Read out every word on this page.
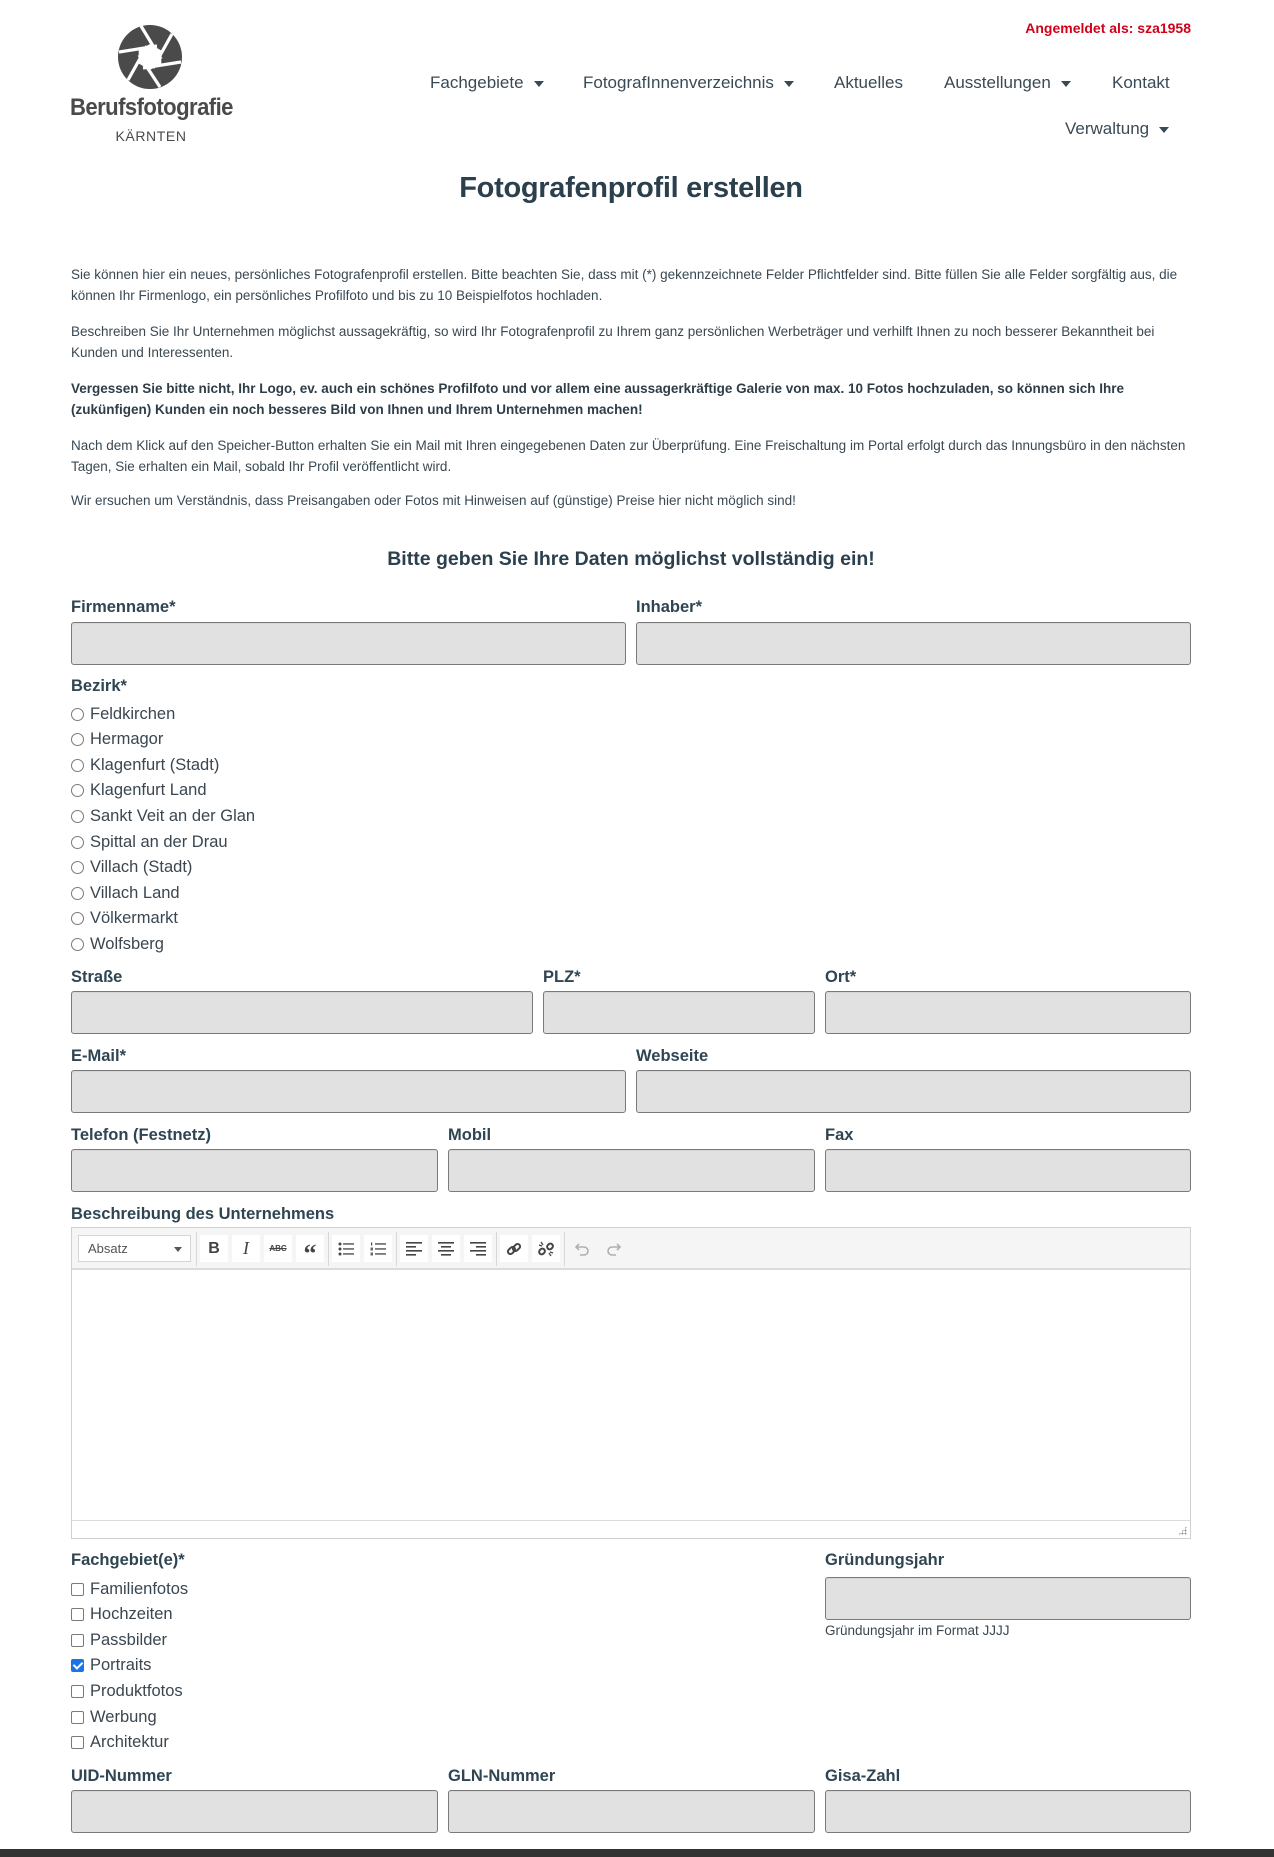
Angemeldet als: sza1958
Berufsfotografie
KÄRNTEN
Fachgebiete	FotografInnenverzeichnis	Aktuelles Ausstellungen	Kontakt
Verwaltung
Fotografenprofil erstellen

Sie können hier ein neues, persönliches Fotografenprofil erstellen. Bitte beachten Sie, dass mit (*) gekennzeichnete Felder Pflichtfelder sind. Bitte füllen Sie alle Felder sorgfältig aus, die können Ihr Firmenlogo, ein persönliches Profilfoto und bis zu 10 Beispielfotos hochladen.

Beschreiben Sie Ihr Unternehmen möglichst aussagekräftig, so wird Ihr Fotografenprofil zu Ihrem ganz persönlichen Werbeträger und verhilft Ihnen zu noch besserer Bekanntheit bei Kunden und Interessenten.

Vergessen Sie bitte nicht, Ihr Logo, ev. auch ein schönes Profilfoto und vor allem eine aussagerkräftige Galerie von max. 10 Fotos hochzuladen, so können sich Ihre (zukünfigen) Kunden ein noch besseres Bild von Ihnen und Ihrem Unternehmen machen!

Nach dem Klick auf den Speicher-Button erhalten Sie ein Mail mit Ihren eingegebenen Daten zur Überprüfung. Eine Freischaltung im Portal erfolgt durch das Innungsbüro in den nächsten Tagen, Sie erhalten ein Mail, sobald Ihr Profil veröffentlicht wird.

Wir ersuchen um Verständnis, dass Preisangaben oder Fotos mit Hinweisen auf (günstige) Preise hier nicht möglich sind!

Bitte geben Sie Ihre Daten möglichst vollständig ein!
Firmenname*	Inhaber*
Bezirk*
Feldkirchen
Hermagor
Klagenfurt (Stadt)
Klagenfurt Land
Sankt Veit an der Glan
Spittal an der Drau
Villach (Stadt)
Villach Land
Völkermarkt
Wolfsberg
Straße	PLZ*	Ort*
E-Mail*	Webseite
Telefon (Festnetz)	Mobil	Fax
Beschreibung des Unternehmens
Absatz	B I	ABC “
Fachgebiet(e)*
Familienfotos
Hochzeiten
Passbilder
Portraits
Produktfotos
Werbung
Architektur
Gründungsjahr
Gründungsjahr im Format JJJJ
UID-Nummer	GLN-Nummer	Gisa-Zahl
